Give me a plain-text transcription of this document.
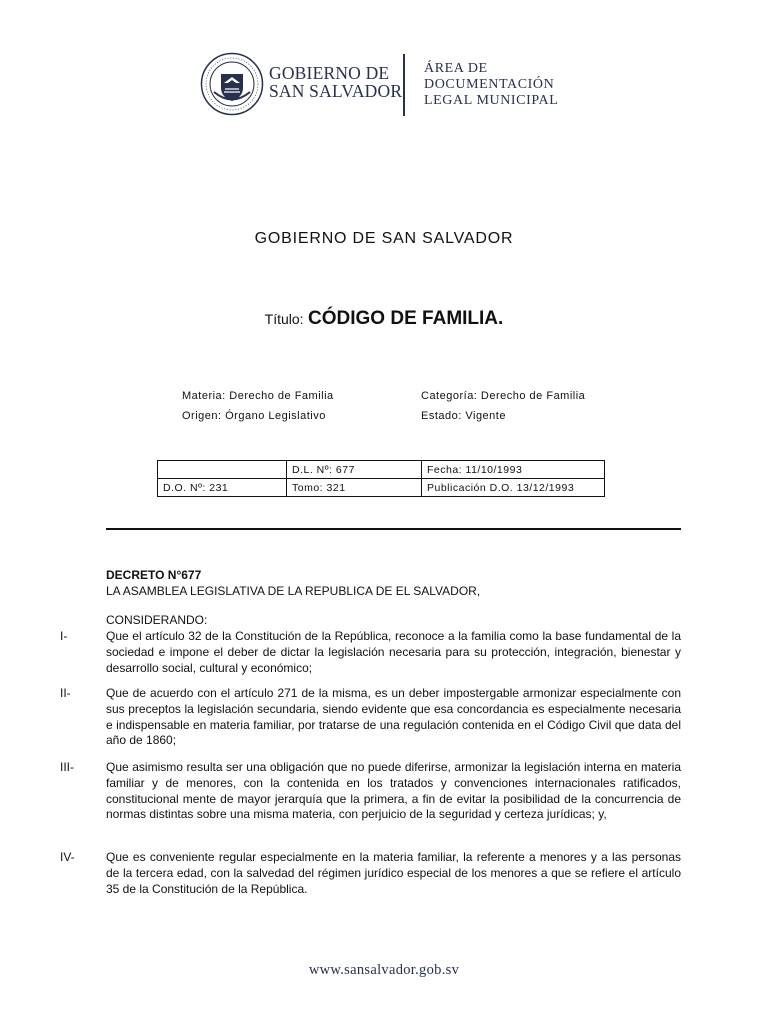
GOBIERNO DE
SAN SALVADOR
ÁREA DE
DOCUMENTACIÓN
LEGAL MUNICIPAL
GOBIERNO DE SAN SALVADOR
Título: CÓDIGO DE FAMILIA.
Materia: Derecho de Familia	Categoría: Derecho de Familia
Origen: Órgano Legislativo	Estado: Vigente
	D.L. Nº: 677	Fecha: 11/10/1993
D.O. Nº: 231	Tomo: 321	Publicación D.O. 13/12/1993
DECRETO N°677
LA ASAMBLEA LEGISLATIVA DE LA REPUBLICA DE EL SALVADOR,
CONSIDERANDO:
I-	Que el artículo 32 de la Constitución de la República, reconoce a la familia como la base fundamental de la sociedad e impone el deber de dictar la legislación necesaria para su protección, integración, bienestar y desarrollo social, cultural y económico;
II-	Que de acuerdo con el artículo 271 de la misma, es un deber impostergable armonizar especialmente con sus preceptos la legislación secundaria, siendo evidente que esa concordancia es especialmente necesaria e indispensable en materia familiar, por tratarse de una regulación contenida en el Código Civil que data del año de 1860;
III-	Que asimismo resulta ser una obligación que no puede diferirse, armonizar la legislación interna en materia familiar y de menores, con la contenida en los tratados y convenciones internacionales ratificados, constitucional mente de mayor jerarquía que la primera, a fin de evitar la posibilidad de la concurrencia de normas distintas sobre una misma materia, con perjuicio de la seguridad y certeza jurídicas; y,
IV-	Que es conveniente regular especialmente en la materia familiar, la referente a menores y a las personas de la tercera edad, con la salvedad del régimen jurídico especial de los menores a que se refiere el artículo 35 de la Constitución de la República.
www.sansalvador.gob.sv
